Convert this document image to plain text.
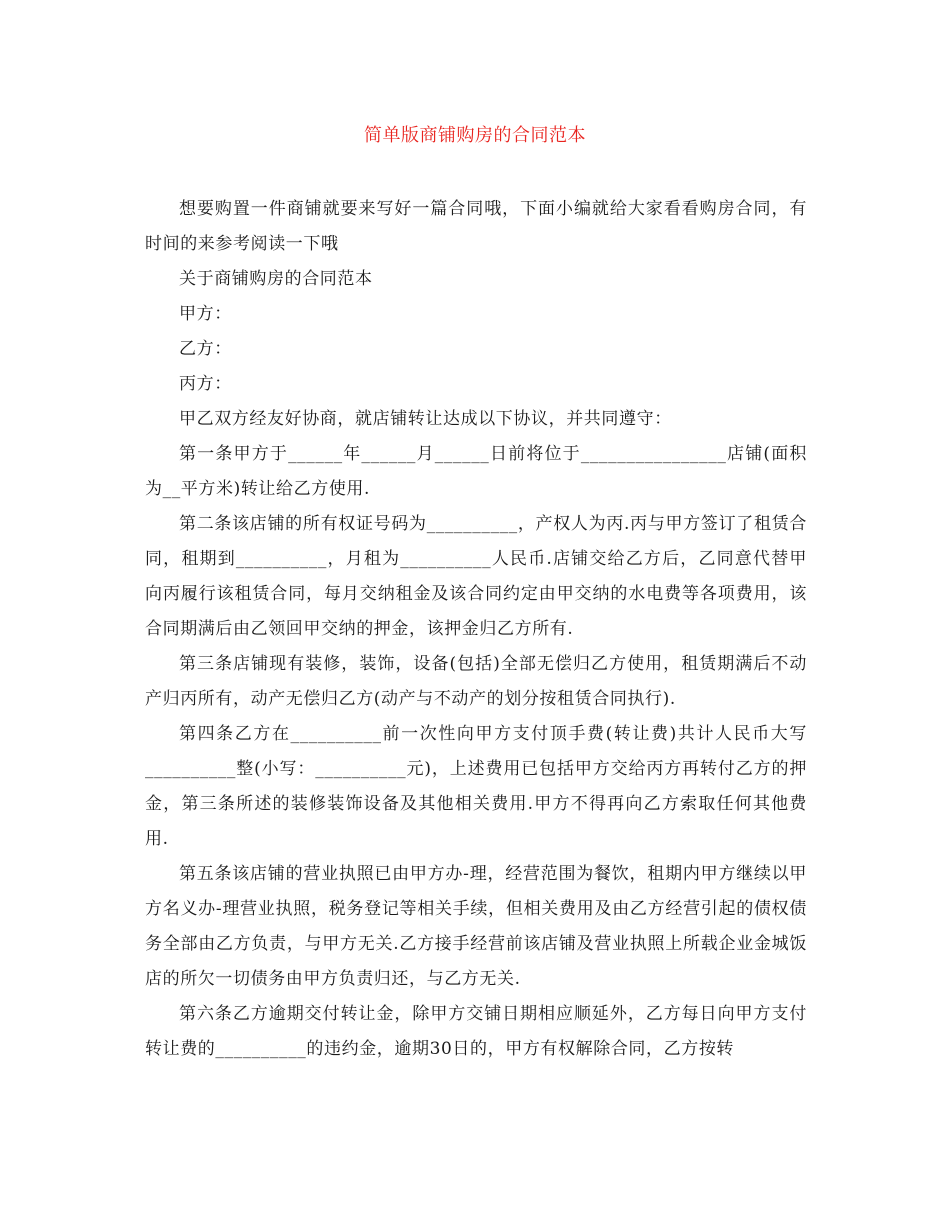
简单版商铺购房的合同范本

想要购置一件商铺就要来写好一篇合同哦，下面小编就给大家看看购房合同，有时间的来参考阅读一下哦

关于商铺购房的合同范本

甲方：

乙方：

丙方：

甲乙双方经友好协商，就店铺转让达成以下协议，并共同遵守：

第一条甲方于______年______月______日前将位于________________店铺(面积为__平方米)转让给乙方使用.

第二条该店铺的所有权证号码为__________，产权人为丙.丙与甲方签订了租赁合同，租期到__________，月租为__________人民币.店铺交给乙方后，乙同意代替甲向丙履行该租赁合同，每月交纳租金及该合同约定由甲交纳的水电费等各项费用，该合同期满后由乙领回甲交纳的押金，该押金归乙方所有.

第三条店铺现有装修，装饰，设备(包括)全部无偿归乙方使用，租赁期满后不动产归丙所有，动产无偿归乙方(动产与不动产的划分按租赁合同执行).

第四条乙方在__________前一次性向甲方支付顶手费(转让费)共计人民币大写__________整(小写：__________元)，上述费用已包括甲方交给丙方再转付乙方的押金，第三条所述的装修装饰设备及其他相关费用.甲方不得再向乙方索取任何其他费用.

第五条该店铺的营业执照已由甲方办-理，经营范围为餐饮，租期内甲方继续以甲方名义办-理营业执照，税务登记等相关手续，但相关费用及由乙方经营引起的债权债务全部由乙方负责，与甲方无关.乙方接手经营前该店铺及营业执照上所载企业金城饭店的所欠一切债务由甲方负责归还，与乙方无关.

第六条乙方逾期交付转让金，除甲方交铺日期相应顺延外，乙方每日向甲方支付转让费的__________的违约金，逾期30日的，甲方有权解除合同，乙方按转
